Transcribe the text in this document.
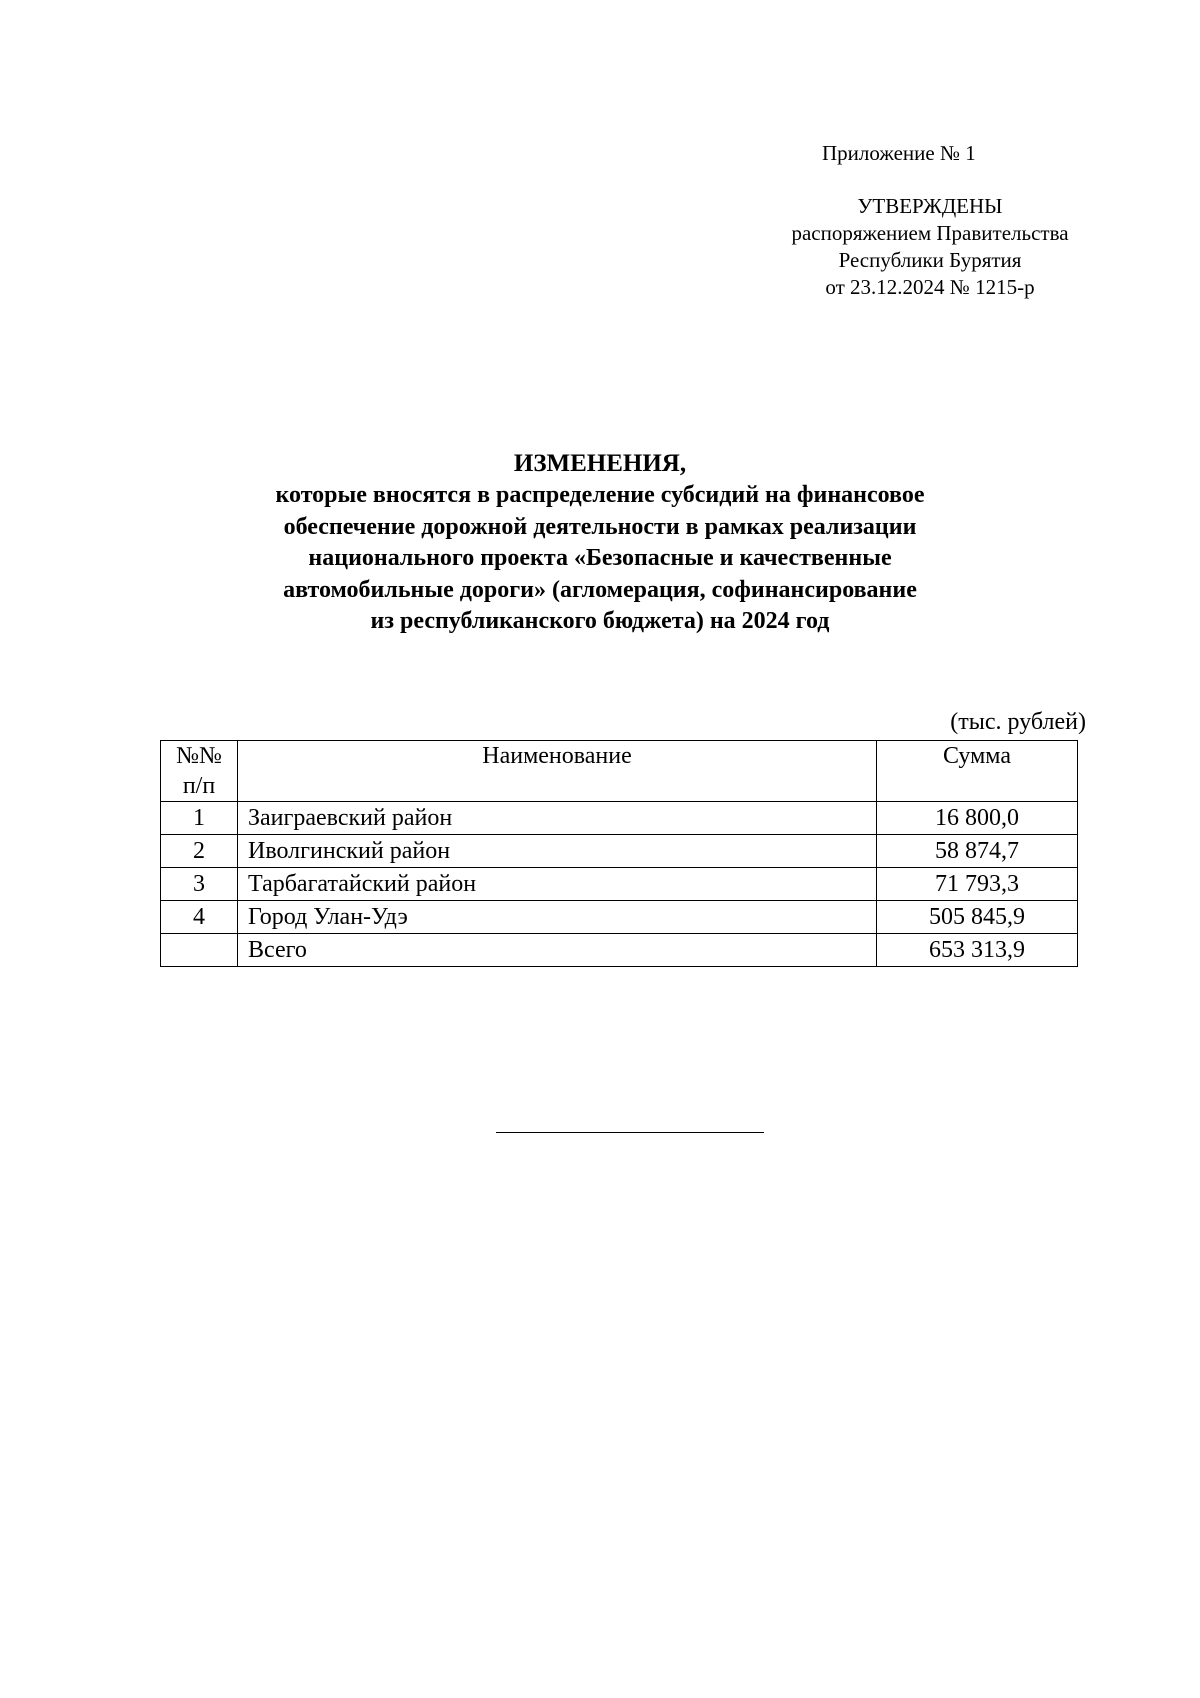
Приложение № 1
УТВЕРЖДЕНЫ
распоряжением Правительства
Республики Бурятия
от 23.12.2024 № 1215-р
ИЗМЕНЕНИЯ,
которые вносятся в распределение субсидий на финансовое
обеспечение дорожной деятельности в рамках реализации
национального проекта «Безопасные и качественные
автомобильные дороги» (агломерация, софинансирование
из республиканского бюджета) на 2024 год
(тыс. рублей)
№№
п/п	Наименование	Сумма
1	Заиграевский район	16 800,0
2	Иволгинский район	58 874,7
3	Тарбагатайский район	71 793,3
4	Город Улан-Удэ	505 845,9
	Всего	653 313,9
